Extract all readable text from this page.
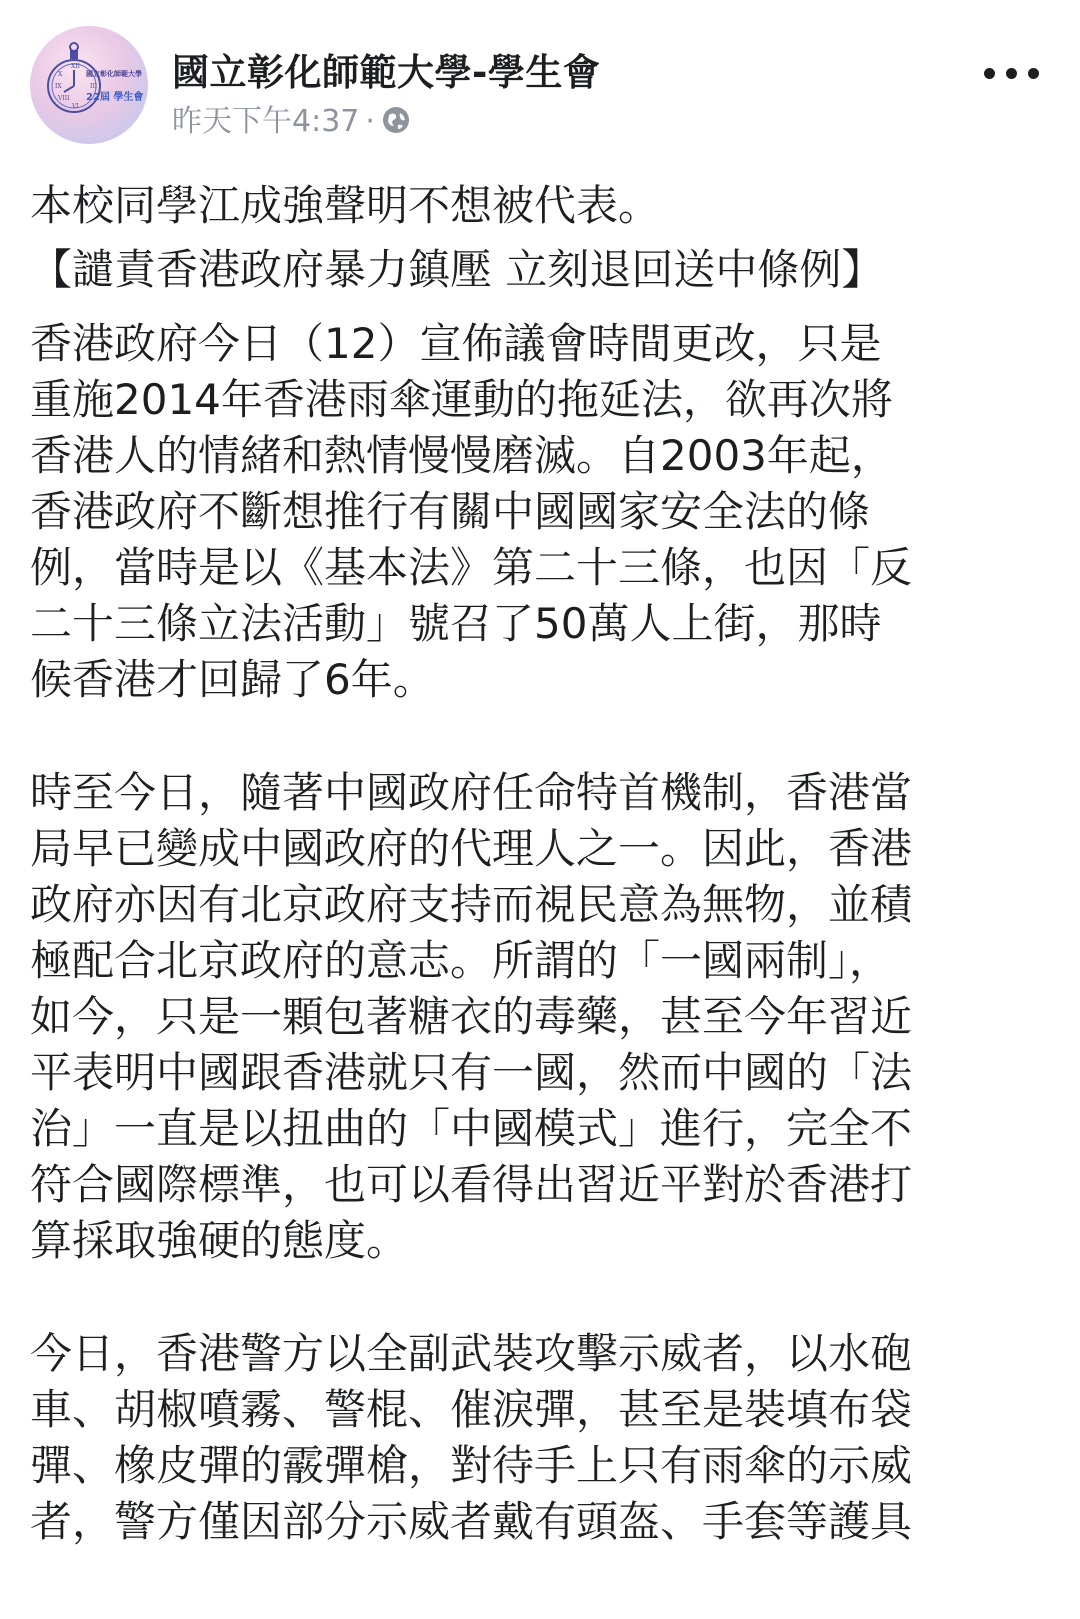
XII
IX	III
VI
X
VIII
國立彰化師範大學
22屆 學生會
國立彰化師範大學-學生會
昨天下午4:37 ·

本校同學江成強聲明不想被代表。

【譴責香港政府暴力鎮壓 立刻退回送中條例】

香港政府今日（12）宣佈議會時間更改，只是
重施2014年香港雨傘運動的拖延法，欲再次將
香港人的情緒和熱情慢慢磨滅。自2003年起，
香港政府不斷想推行有關中國國家安全法的條
例，當時是以《基本法》第二十三條，也因「反
二十三條立法活動」號召了50萬人上街，那時
候香港才回歸了6年。

時至今日，隨著中國政府任命特首機制，香港當
局早已變成中國政府的代理人之一。因此，香港
政府亦因有北京政府支持而視民意為無物，並積
極配合北京政府的意志。所謂的「一國兩制」，
如今，只是一顆包著糖衣的毒藥，甚至今年習近
平表明中國跟香港就只有一國，然而中國的「法
治」一直是以扭曲的「中國模式」進行，完全不
符合國際標準，也可以看得出習近平對於香港打
算採取強硬的態度。

今日，香港警方以全副武裝攻擊示威者，以水砲
車、胡椒噴霧、警棍、催淚彈，甚至是裝填布袋
彈、橡皮彈的霰彈槍，對待手上只有雨傘的示威
者，警方僅因部分示威者戴有頭盔、手套等護具
